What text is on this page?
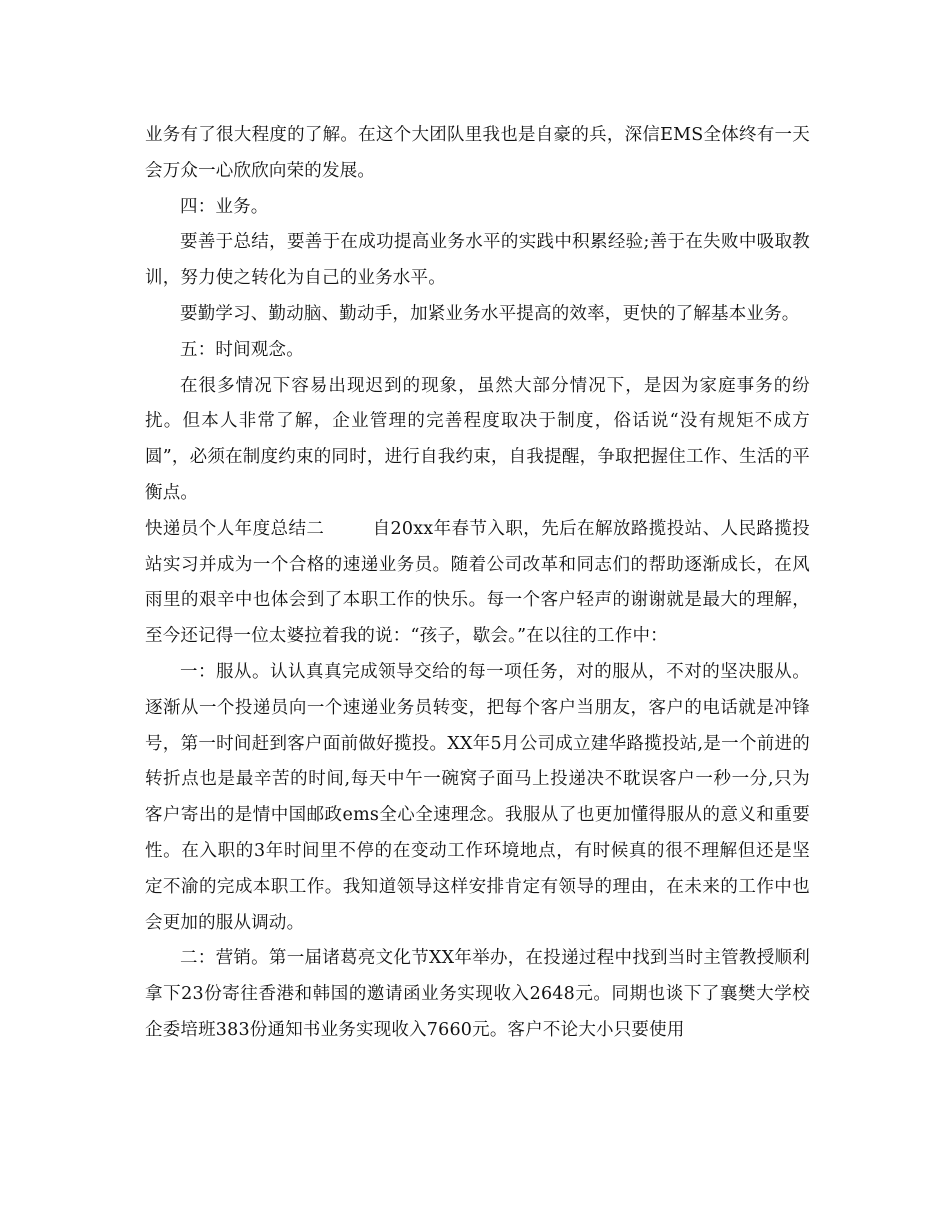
业务有了很大程度的了解。在这个大团队里我也是自豪的兵，深信EMS全体终有一天会万众一心欣欣向荣的发展。

四：业务。

要善于总结，要善于在成功提高业务水平的实践中积累经验;善于在失败中吸取教训，努力使之转化为自己的业务水平。

要勤学习、勤动脑、勤动手，加紧业务水平提高的效率，更快的了解基本业务。

五：时间观念。

在很多情况下容易出现迟到的现象，虽然大部分情况下，是因为家庭事务的纷扰。但本人非常了解，企业管理的完善程度取决于制度，俗话说“没有规矩不成方圆”，必须在制度约束的同时，进行自我约束，自我提醒，争取把握住工作、生活的平衡点。

快递员个人年度总结二	自20xx年春节入职，先后在解放路揽投站、人民路揽投站实习并成为一个合格的速递业务员。随着公司改革和同志们的帮助逐渐成长，在风雨里的艰辛中也体会到了本职工作的快乐。每一个客户轻声的谢谢就是最大的理解，至今还记得一位太婆拉着我的说：“孩子，歇会。”在以往的工作中：

一：服从。认认真真完成领导交给的每一项任务，对的服从，不对的坚决服从。逐渐从一个投递员向一个速递业务员转变，把每个客户当朋友，客户的电话就是冲锋号，第一时间赶到客户面前做好揽投。XX年5月公司成立建华路揽投站,是一个前进的转折点也是最辛苦的时间,每天中午一碗窝子面马上投递决不耽误客户一秒一分,只为客户寄出的是情中国邮政ems全心全速理念。我服从了也更加懂得服从的意义和重要性。在入职的3年时间里不停的在变动工作环境地点，有时候真的很不理解但还是坚定不渝的完成本职工作。我知道领导这样安排肯定有领导的理由，在未来的工作中也会更加的服从调动。

二：营销。第一届诸葛亮文化节XX年举办，在投递过程中找到当时主管教授顺利拿下23份寄往香港和韩国的邀请函业务实现收入2648元。同期也谈下了襄樊大学校企委培班383份通知书业务实现收入7660元。客户不论大小只要使用
